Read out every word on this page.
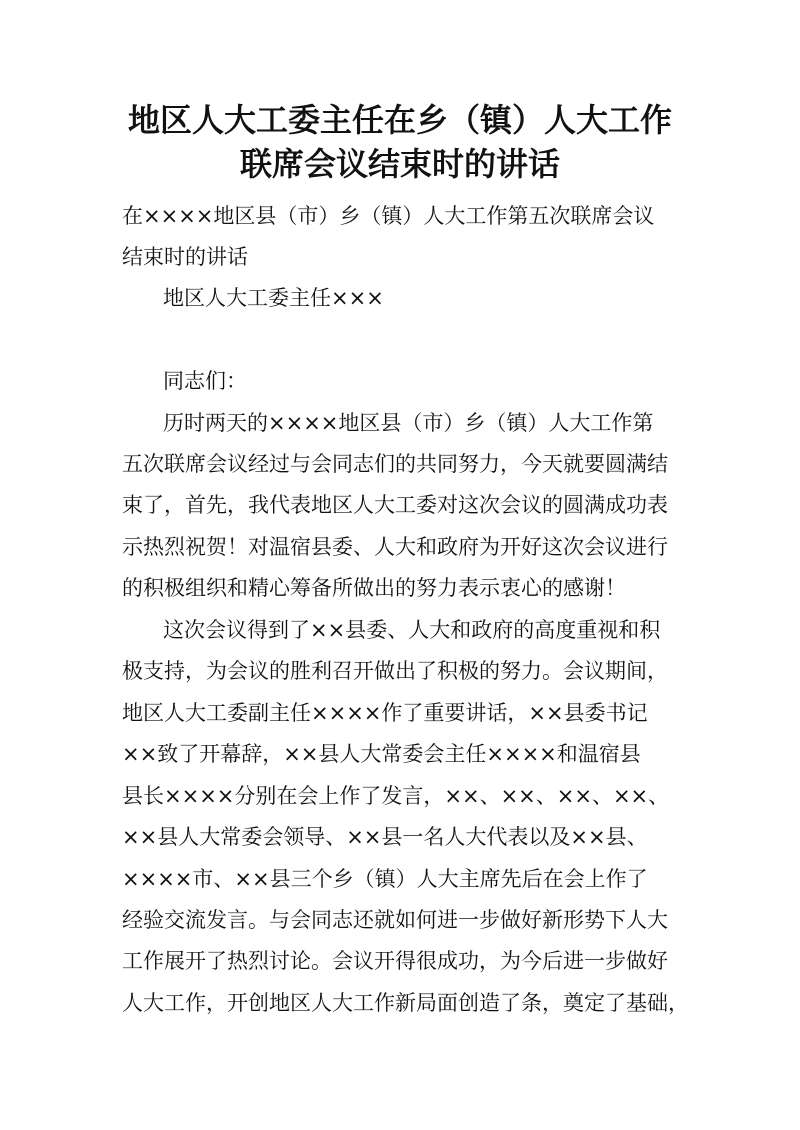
地区人大工委主任在乡（镇）人大工作
联席会议结束时的讲话
在××××地区县（市）乡（镇）人大工作第五次联席会议
结束时的讲话
地区人大工委主任×××
同志们：
历时两天的××××地区县（市）乡（镇）人大工作第
五次联席会议经过与会同志们的共同努力，今天就要圆满结
束了，首先，我代表地区人大工委对这次会议的圆满成功表
示热烈祝贺！对温宿县委、人大和政府为开好这次会议进行
的积极组织和精心筹备所做出的努力表示衷心的感谢！
这次会议得到了××县委、人大和政府的高度重视和积
极支持，为会议的胜利召开做出了积极的努力。会议期间，
地区人大工委副主任××××作了重要讲话，××县委书记
××致了开幕辞，××县人大常委会主任××××和温宿县
县长××××分别在会上作了发言，××、××、××、××、
××县人大常委会领导、××县一名人大代表以及××县、
××××市、××县三个乡（镇）人大主席先后在会上作了
经验交流发言。与会同志还就如何进一步做好新形势下人大
工作展开了热烈讨论。会议开得很成功，为今后进一步做好
人大工作，开创地区人大工作新局面创造了条，奠定了基础，
